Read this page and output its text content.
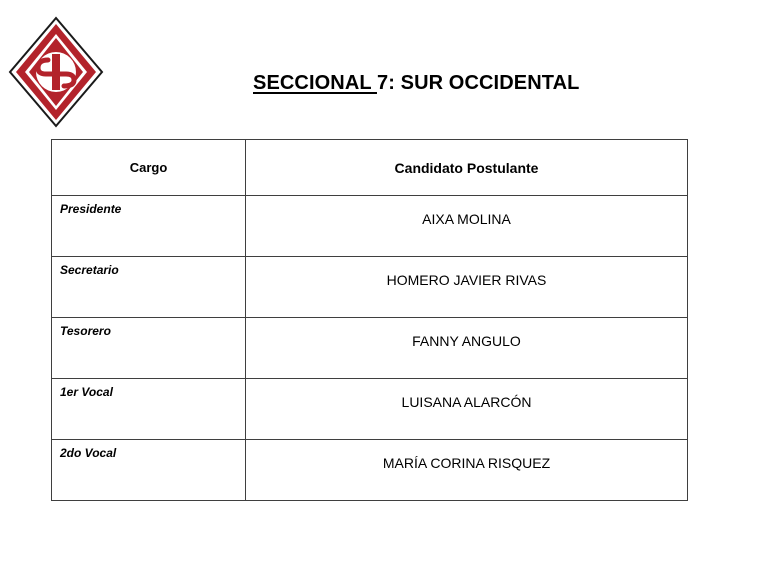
SECCIONAL 7: SUR OCCIDENTAL
Cargo	Candidato Postulante
Presidente	AIXA MOLINA
Secretario	HOMERO JAVIER RIVAS
Tesorero	FANNY ANGULO
1er Vocal	LUISANA ALARCÓN
2do Vocal	MARÍA CORINA RISQUEZ
